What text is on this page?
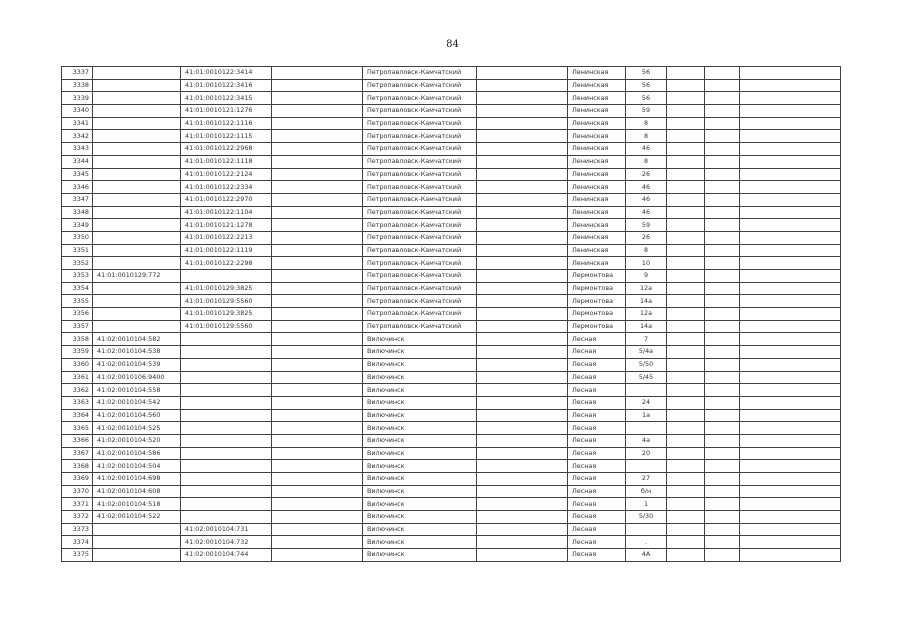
84
3337		41:01:0010122:3414		Петропавловск-Камчатский		Ленинская	56			
3338		41:01:0010122:3416		Петропавловск-Камчатский		Ленинская	56			
3339		41:01:0010122:3415		Петропавловск-Камчатский		Ленинская	56			
3340		41:01:0010121:1276		Петропавловск-Камчатский		Ленинская	59			
3341		41:01:0010122:1116		Петропавловск-Камчатский		Ленинская	8			
3342		41:01:0010122:1115		Петропавловск-Камчатский		Ленинская	8			
3343		41:01:0010122:2968		Петропавловск-Камчатский		Ленинская	46			
3344		41:01:0010122:1118		Петропавловск-Камчатский		Ленинская	8			
3345		41:01:0010122:2124		Петропавловск-Камчатский		Ленинская	26			
3346		41:01:0010122:2334		Петропавловск-Камчатский		Ленинская	46			
3347		41:01:0010122:2970		Петропавловск-Камчатский		Ленинская	46			
3348		41:01:0010122:1104		Петропавловск-Камчатский		Ленинская	46			
3349		41:01:0010121:1278		Петропавловск-Камчатский		Ленинская	59			
3350		41:01:0010122:2213		Петропавловск-Камчатский		Ленинская	26			
3351		41:01:0010122:1119		Петропавловск-Камчатский		Ленинская	8			
3352		41:01:0010122:2298		Петропавловск-Камчатский		Ленинская	10			
3353	41:01:0010129:772			Петропавловск-Камчатский		Лермонтова	9			
3354		41:01:0010129:3825		Петропавловск-Камчатский		Лермонтова	12а			
3355		41:01:0010129:5560		Петропавловск-Камчатский		Лермонтова	14а			
3356		41:01:0010129:3825		Петропавловск-Камчатский		Лермонтова	12а			
3357		41:01:0010129:5560		Петропавловск-Камчатский		Лермонтова	14а			
3358	41:02:0010104:582			Вилючинск		Лесная	7			
3359	41:02:0010104:538			Вилючинск		Лесная	5/4а			
3360	41:02:0010104:539			Вилючинск		Лесная	5/50			
3361	41:02:0010106:9400			Вилючинск		Лесная	5/45			
3362	41:02:0010104:558			Вилючинск		Лесная				
3363	41:02:0010104:542			Вилючинск		Лесная	24			
3364	41:02:0010104:560			Вилючинск		Лесная	1а			
3365	41:02:0010104:525			Вилючинск		Лесная				
3366	41:02:0010104:520			Вилючинск		Лесная	4а			
3367	41:02:0010104:586			Вилючинск		Лесная	20			
3368	41:02:0010104:504			Вилючинск		Лесная				
3369	41:02:0010104:698			Вилючинск		Лесная	27			
3370	41:02:0010104:608			Вилючинск		Лесная	б/н			
3371	41:02:0010104:518			Вилючинск		Лесная	1			
3372	41:02:0010104:522			Вилючинск		Лесная	5/30			
3373		41:02:0010104:731		Вилючинск		Лесная				
3374		41:02:0010104:732		Вилючинск		Лесная	.			
3375		41:02:0010104:744		Вилючинск		Лесная	4А			
